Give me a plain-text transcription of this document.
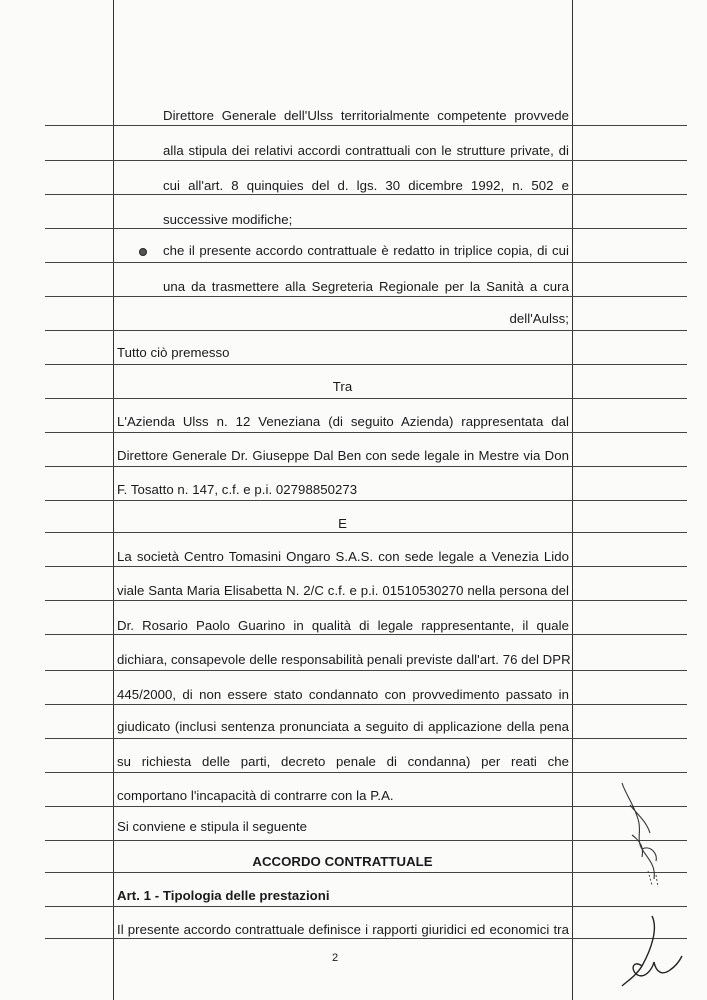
Direttore Generale dell'Ulss territorialmente competente provvede
alla stipula dei relativi accordi contrattuali con le strutture private, di
cui all'art. 8 quinquies del d. lgs. 30 dicembre 1992, n. 502 e
successive modifiche;
che il presente accordo contrattuale è redatto in triplice copia, di cui
una da trasmettere alla Segreteria Regionale per la Sanità a cura
dell'Aulss;
Tutto ciò premesso
Tra
L'Azienda Ulss n. 12 Veneziana (di seguito Azienda) rappresentata dal
Direttore Generale Dr. Giuseppe Dal Ben con sede legale in Mestre via Don
F. Tosatto n. 147, c.f. e p.i. 02798850273
E
La società Centro Tomasini Ongaro S.A.S. con sede legale a Venezia Lido
viale Santa Maria Elisabetta N. 2/C c.f. e p.i. 01510530270 nella persona del
Dr. Rosario Paolo Guarino in qualità di legale rappresentante, il quale
dichiara, consapevole delle responsabilità penali previste dall'art. 76 del DPR
445/2000, di non essere stato condannato con provvedimento passato in
giudicato (inclusi sentenza pronunciata a seguito di applicazione della pena
su richiesta delle parti, decreto penale di condanna) per reati che
comportano l'incapacità di contrarre con la P.A.
Si conviene e stipula il seguente
ACCORDO CONTRATTUALE
Art. 1 - Tipologia delle prestazioni
Il presente accordo contrattuale definisce i rapporti giuridici ed economici tra
2
